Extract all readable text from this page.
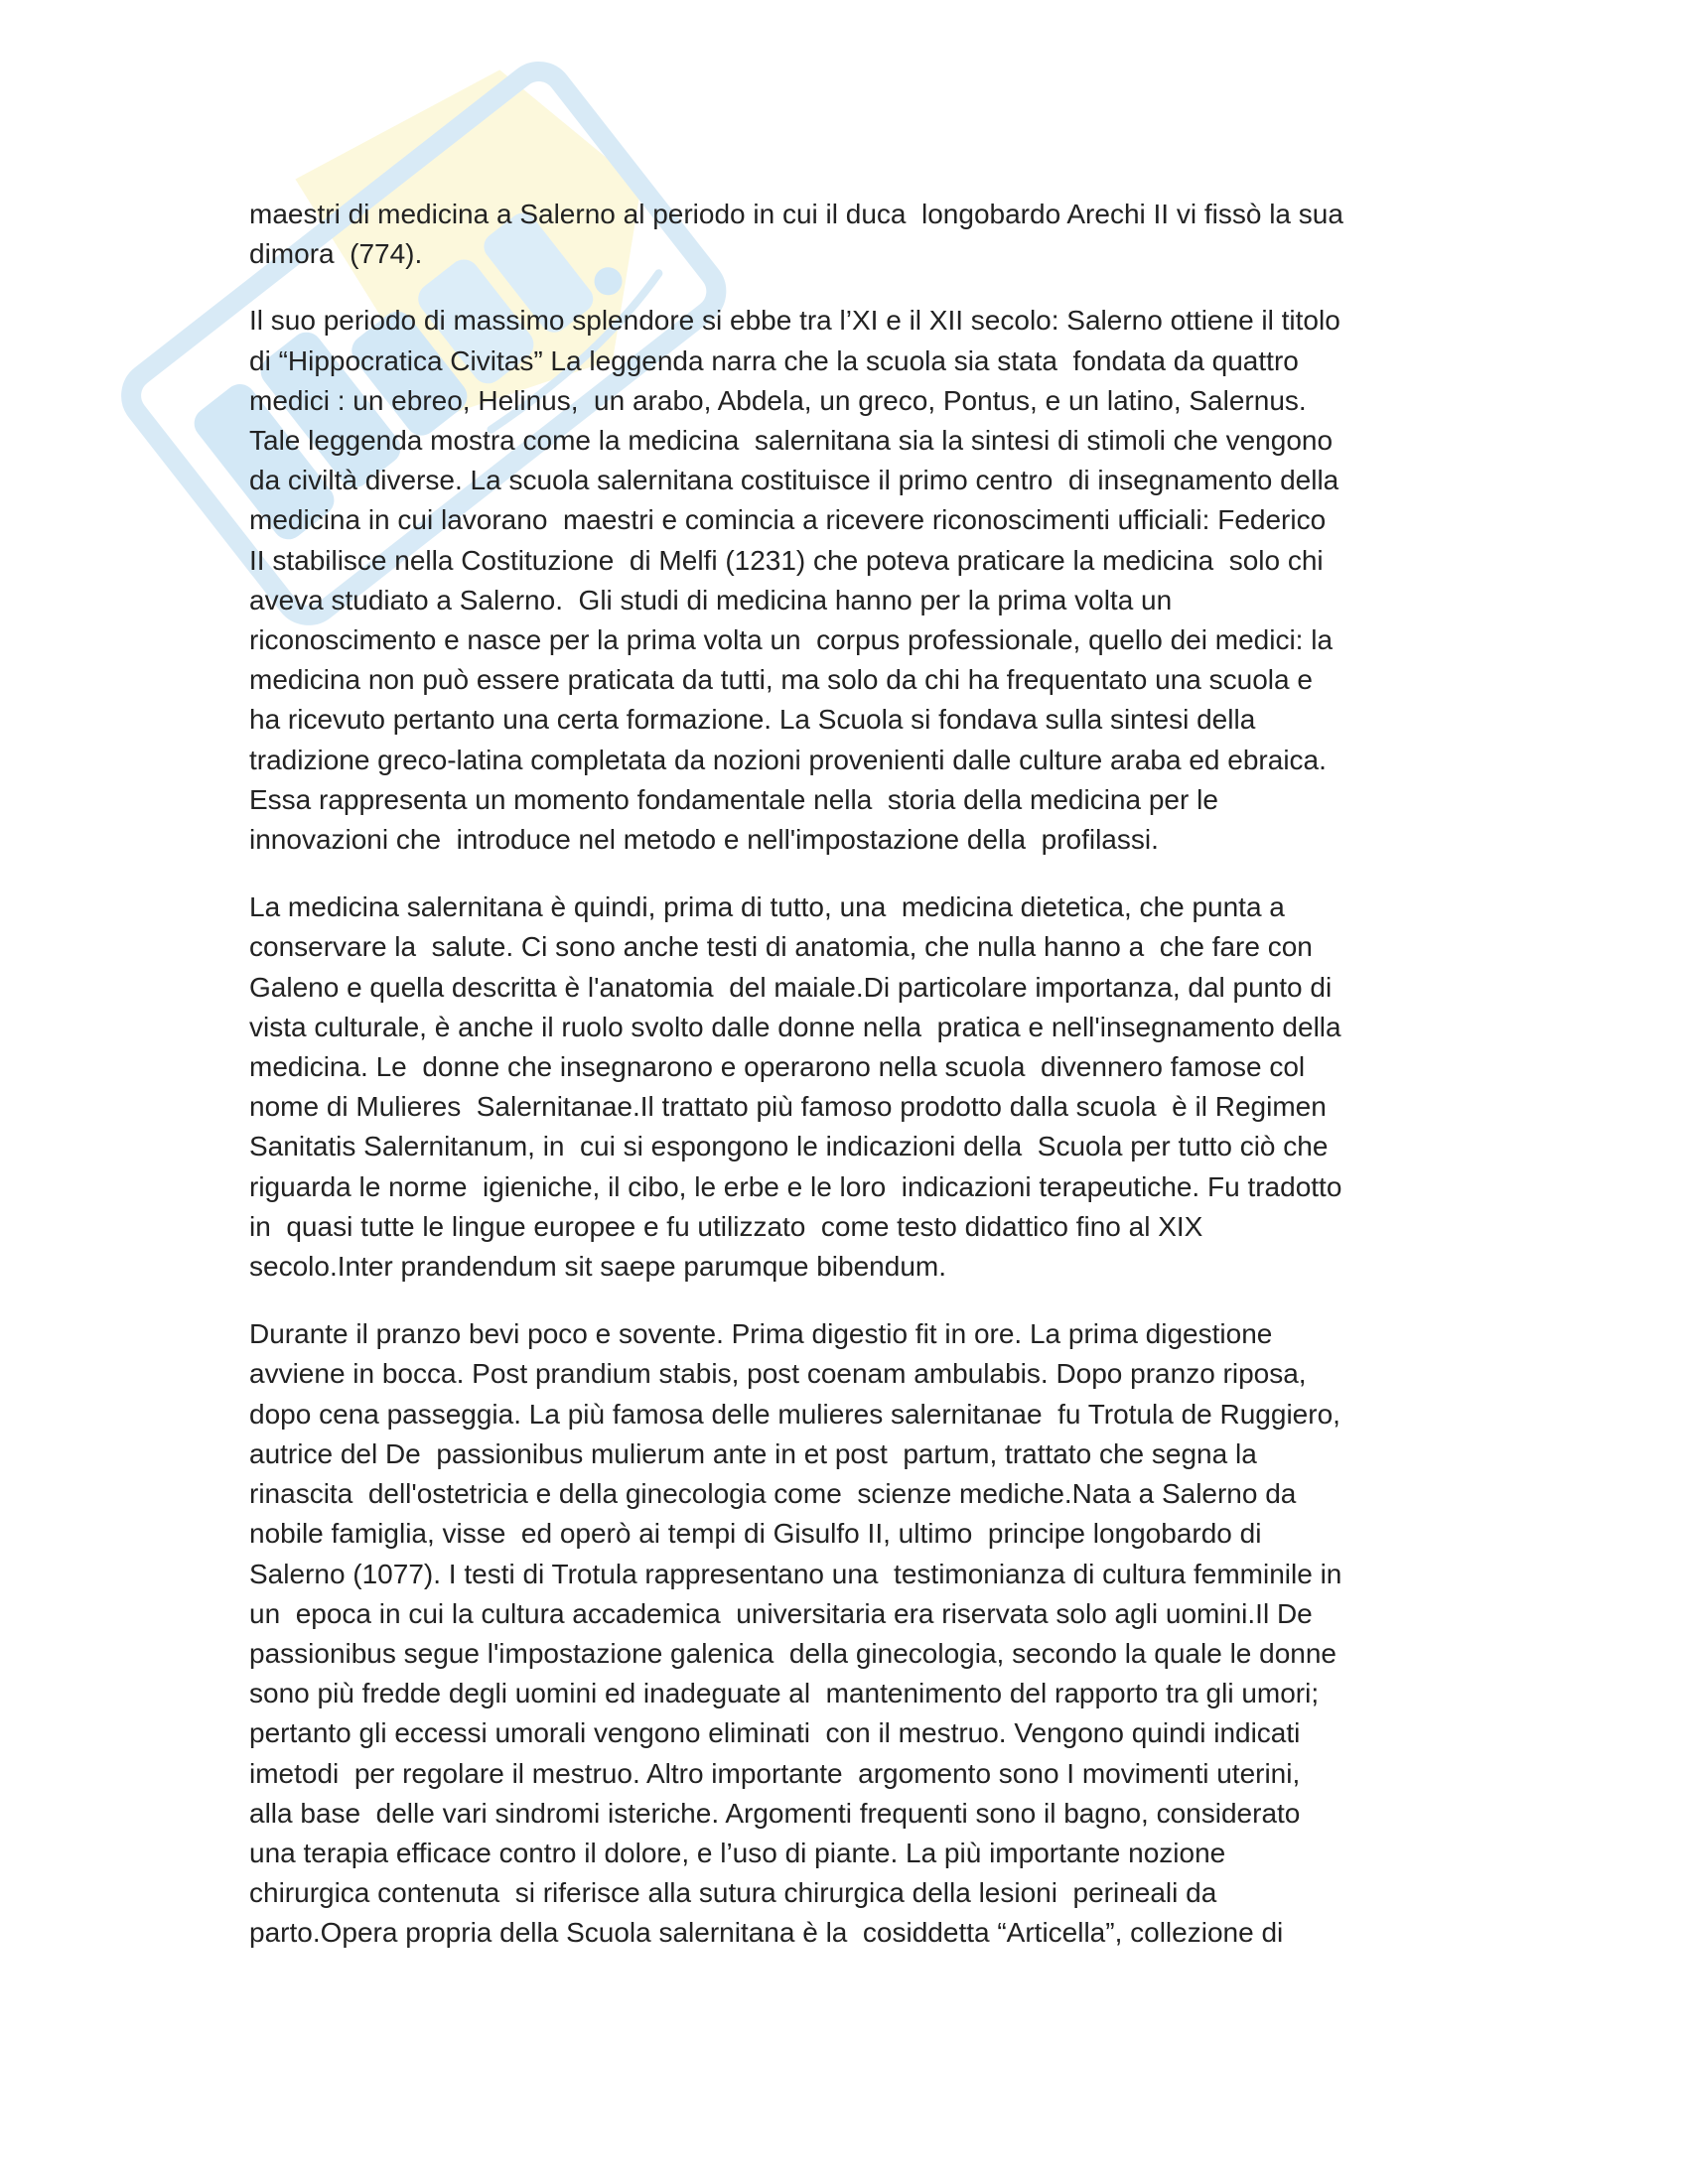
maestri di medicina a Salerno al periodo in cui il duca  longobardo Arechi II vi fissò la sua
dimora  (774).

Il suo periodo di massimo splendore si ebbe tra l’XI e il XII secolo: Salerno ottiene il titolo
di “Hippocratica Civitas” La leggenda narra che la scuola sia stata  fondata da quattro
medici : un ebreo, Helinus,  un arabo, Abdela, un greco, Pontus, e un latino, Salernus.
Tale leggenda mostra come la medicina  salernitana sia la sintesi di stimoli che vengono
da civiltà diverse. La scuola salernitana costituisce il primo centro  di insegnamento della
medicina in cui lavorano  maestri e comincia a ricevere riconoscimenti ufficiali: Federico
II stabilisce nella Costituzione  di Melfi (1231) che poteva praticare la medicina  solo chi
aveva studiato a Salerno.  Gli studi di medicina hanno per la prima volta un
riconoscimento e nasce per la prima volta un  corpus professionale, quello dei medici: la
medicina non può essere praticata da tutti, ma solo da chi ha frequentato una scuola e
ha ricevuto pertanto una certa formazione. La Scuola si fondava sulla sintesi della
tradizione greco-latina completata da nozioni provenienti dalle culture araba ed ebraica.
Essa rappresenta un momento fondamentale nella  storia della medicina per le
innovazioni che  introduce nel metodo e nell'impostazione della  profilassi.

La medicina salernitana è quindi, prima di tutto, una  medicina dietetica, che punta a
conservare la  salute. Ci sono anche testi di anatomia, che nulla hanno a  che fare con
Galeno e quella descritta è l'anatomia  del maiale.Di particolare importanza, dal punto di
vista culturale, è anche il ruolo svolto dalle donne nella  pratica e nell'insegnamento della
medicina. Le  donne che insegnarono e operarono nella scuola  divennero famose col
nome di Mulieres  Salernitanae.Il trattato più famoso prodotto dalla scuola  è il Regimen
Sanitatis Salernitanum, in  cui si espongono le indicazioni della  Scuola per tutto ciò che
riguarda le norme  igieniche, il cibo, le erbe e le loro  indicazioni terapeutiche. Fu tradotto
in  quasi tutte le lingue europee e fu utilizzato  come testo didattico fino al XIX
secolo.Inter prandendum sit saepe parumque bibendum.

Durante il pranzo bevi poco e sovente. Prima digestio fit in ore. La prima digestione
avviene in bocca. Post prandium stabis, post coenam ambulabis. Dopo pranzo riposa,
dopo cena passeggia. La più famosa delle mulieres salernitanae  fu Trotula de Ruggiero,
autrice del De  passionibus mulierum ante in et post  partum, trattato che segna la
rinascita  dell'ostetricia e della ginecologia come  scienze mediche.Nata a Salerno da
nobile famiglia, visse  ed operò ai tempi di Gisulfo II, ultimo  principe longobardo di
Salerno (1077). I testi di Trotula rappresentano una  testimonianza di cultura femminile in
un  epoca in cui la cultura accademica  universitaria era riservata solo agli uomini.Il De
passionibus segue l'impostazione galenica  della ginecologia, secondo la quale le donne
sono più fredde degli uomini ed inadeguate al  mantenimento del rapporto tra gli umori;
pertanto gli eccessi umorali vengono eliminati  con il mestruo. Vengono quindi indicati
imetodi  per regolare il mestruo. Altro importante  argomento sono I movimenti uterini,
alla base  delle vari sindromi isteriche. Argomenti frequenti sono il bagno, considerato
una terapia efficace contro il dolore, e l’uso di piante. La più importante nozione
chirurgica contenuta  si riferisce alla sutura chirurgica della lesioni  perineali da
parto.Opera propria della Scuola salernitana è la  cosiddetta “Articella”, collezione di
